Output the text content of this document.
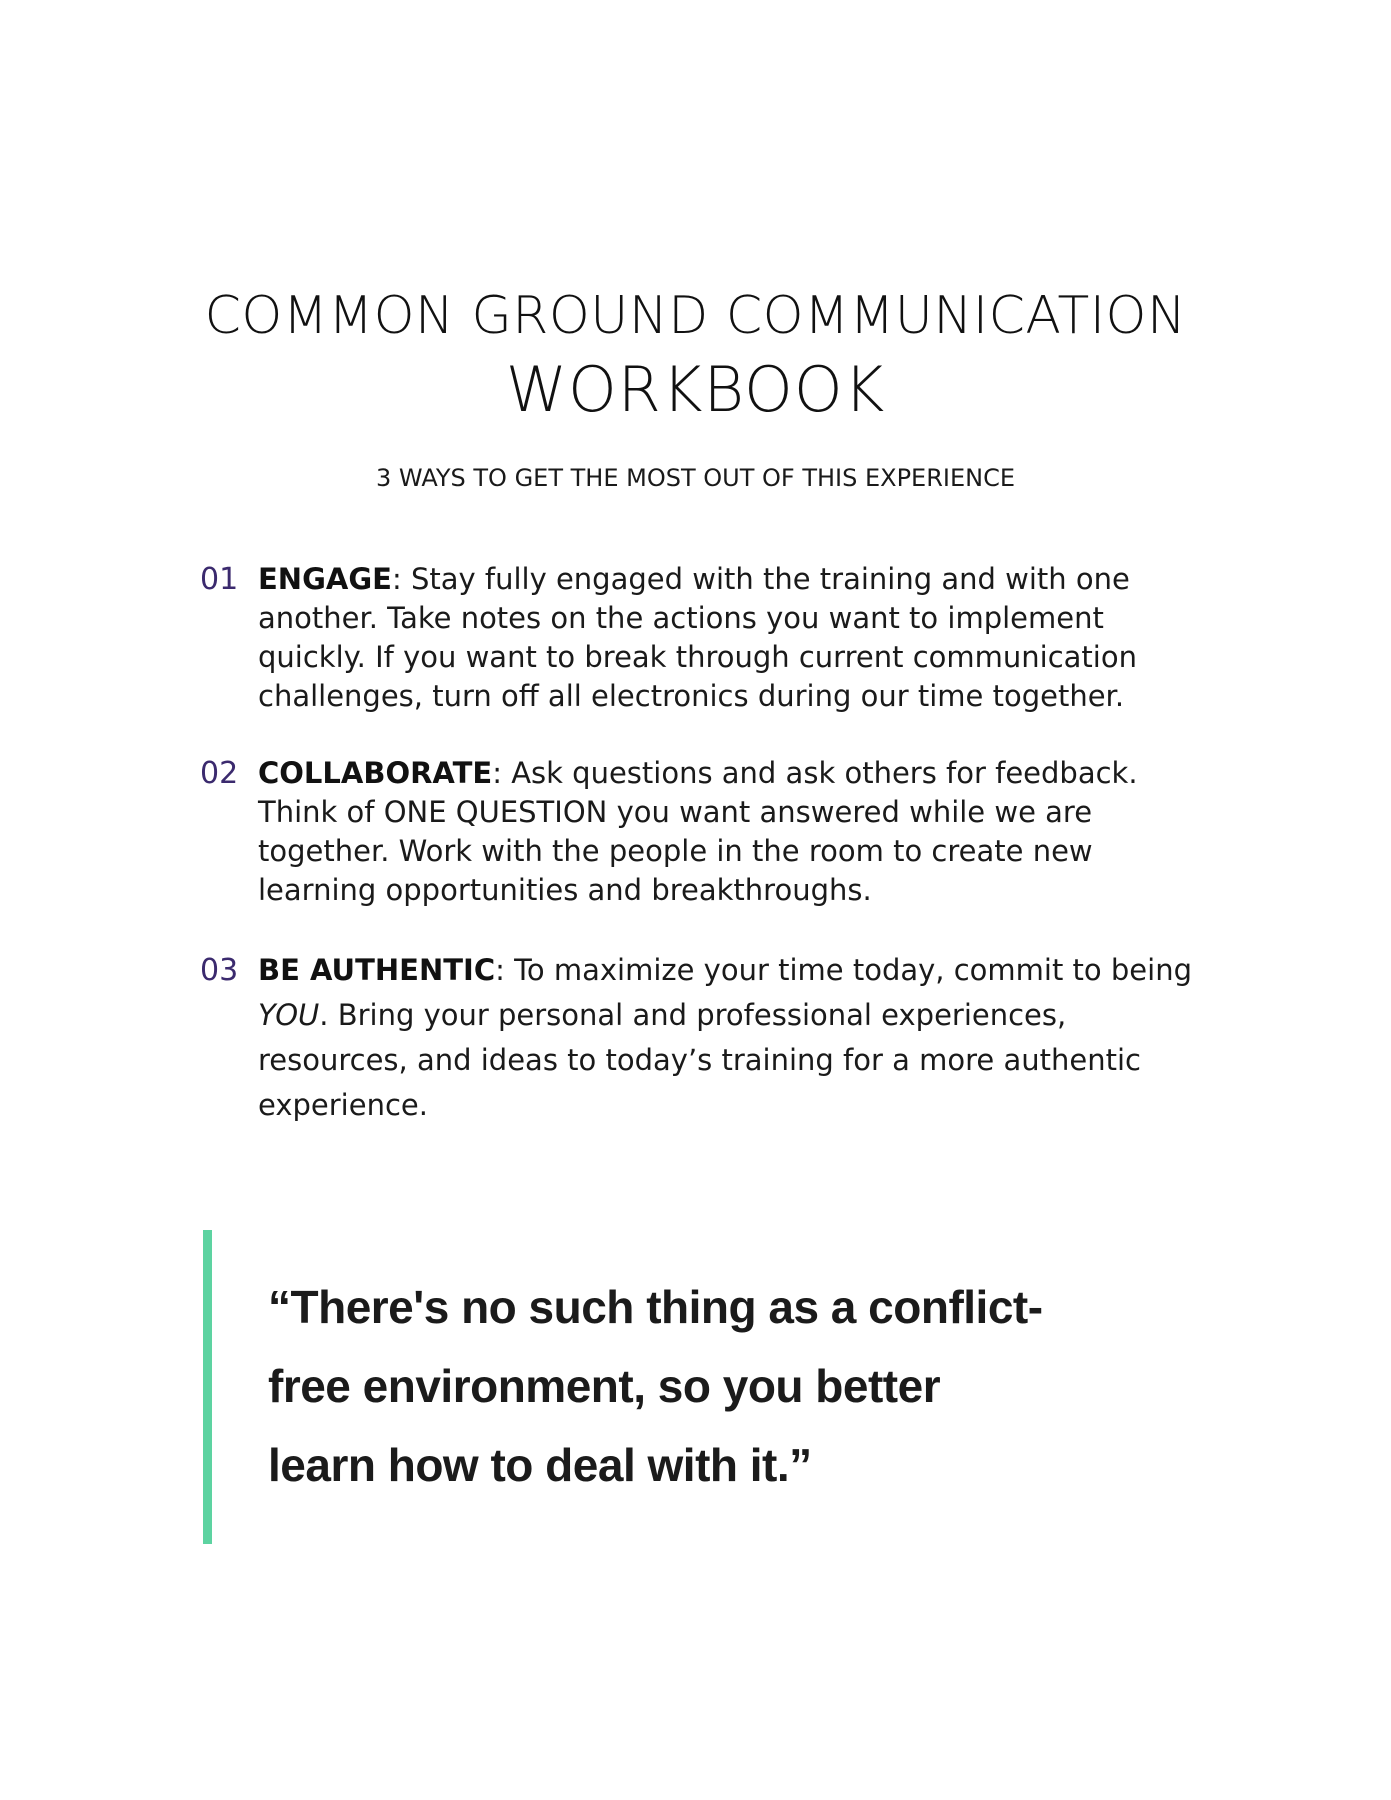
COMMON GROUND COMMUNICATION
WORKBOOK
3 WAYS TO GET THE MOST OUT OF THIS EXPERIENCE
01 ENGAGE: Stay fully engaged with the training and with one another. Take notes on the actions you want to implement quickly. If you want to break through current communication challenges, turn off all electronics during our time together.
02 COLLABORATE: Ask questions and ask others for feedback. Think of ONE QUESTION you want answered while we are together. Work with the people in the room to create new learning opportunities and breakthroughs.
03 BE AUTHENTIC: To maximize your time today, commit to being YOU. Bring your personal and professional experiences, resources, and ideas to today’s training for a more authentic experience.
“There's no such thing as a conflict-
free environment, so you better
learn how to deal with it.”
